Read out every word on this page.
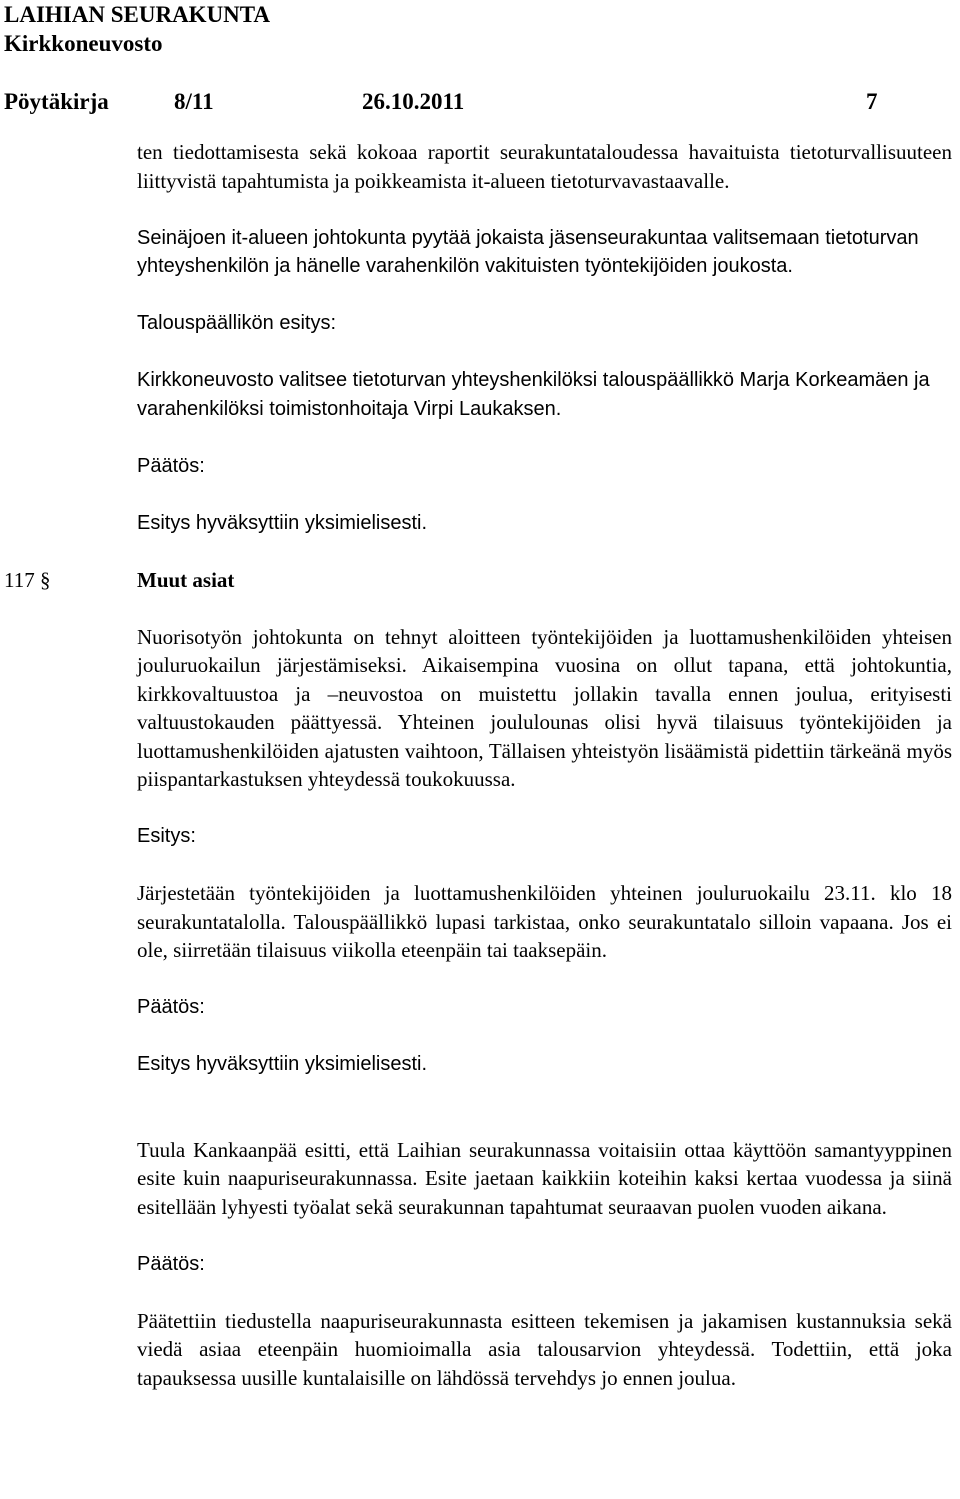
LAIHIAN SEURAKUNTA
Kirkkoneuvosto
Pöytäkirja	8/11	26.10.2011	7

ten tiedottamisesta sekä kokoaa raportit seurakuntataloudessa havaituista tietoturvallisuuteen liittyvistä tapahtumista ja poikkeamista it-alueen tietoturvavastaavalle.

Seinäjoen it-alueen johtokunta pyytää jokaista jäsenseurakuntaa valitsemaan tietoturvan yhteyshenkilön ja hänelle varahenkilön vakituisten työntekijöiden joukosta.

Talouspäällikön esitys:

Kirkkoneuvosto valitsee tietoturvan yhteyshenkilöksi talouspäällikkö Marja Korkeamäen ja varahenkilöksi toimistonhoitaja Virpi Laukaksen.

Päätös:

Esitys hyväksyttiin yksimielisesti.

117 §	Muut asiat

Nuorisotyön johtokunta on tehnyt aloitteen työntekijöiden ja luottamushenkilöiden yhteisen jouluruokailun järjestämiseksi. Aikaisempina vuosina on ollut tapana, että johtokuntia, kirkkovaltuustoa ja –neuvostoa on muistettu jollakin tavalla ennen joulua, erityisesti valtuustokauden päättyessä. Yhteinen joululounas olisi hyvä tilaisuus työntekijöiden ja luottamushenkilöiden ajatusten vaihtoon, Tällaisen yhteistyön lisäämistä pidettiin tärkeänä myös piispantarkastuksen yhteydessä toukokuussa.

Esitys:

Järjestetään työntekijöiden ja luottamushenkilöiden yhteinen jouluruokailu 23.11. klo 18 seurakuntatalolla. Talouspäällikkö lupasi tarkistaa, onko seurakuntatalo silloin vapaana. Jos ei ole, siirretään tilaisuus viikolla eteenpäin tai taaksepäin.

Päätös:

Esitys hyväksyttiin yksimielisesti.

Tuula Kankaanpää esitti, että Laihian seurakunnassa voitaisiin ottaa käyttöön samantyyppinen esite kuin naapuriseurakunnassa. Esite jaetaan kaikkiin koteihin kaksi kertaa vuodessa ja siinä esitellään lyhyesti työalat sekä seurakunnan tapahtumat seuraavan puolen vuoden aikana.

Päätös:

Päätettiin tiedustella naapuriseurakunnasta esitteen tekemisen ja jakamisen kustannuksia sekä viedä asiaa eteenpäin huomioimalla asia talousarvion yhteydessä. Todettiin, että joka tapauksessa uusille kuntalaisille on lähdössä tervehdys jo ennen joulua.
